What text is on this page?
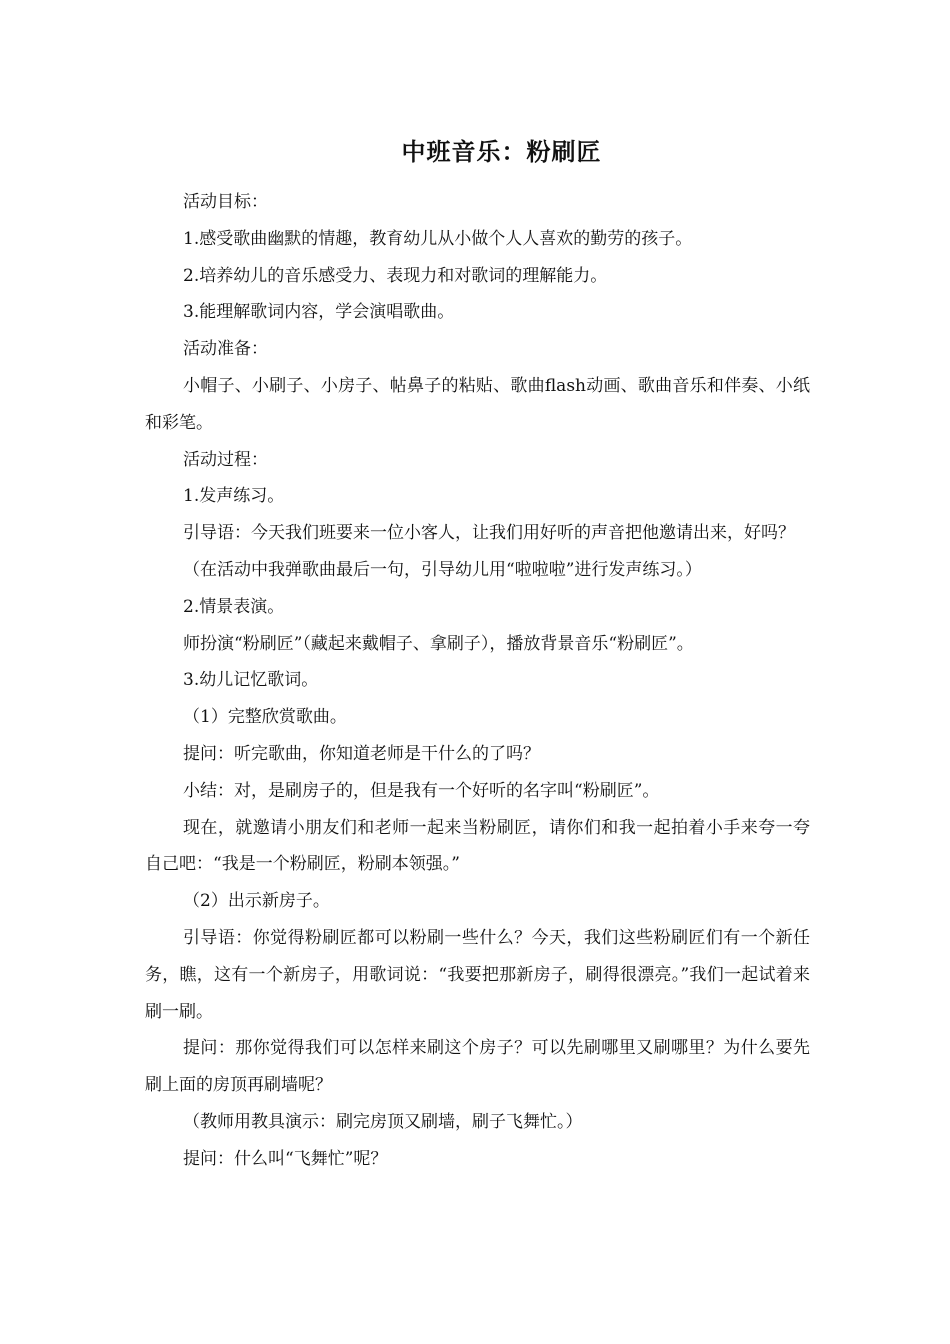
中班音乐：粉刷匠

活动目标：

1.感受歌曲幽默的情趣，教育幼儿从小做个人人喜欢的勤劳的孩子。

2.培养幼儿的音乐感受力、表现力和对歌词的理解能力。

3.能理解歌词内容，学会演唱歌曲。

活动准备：

小帽子、小刷子、小房子、帖鼻子的粘贴、歌曲flash动画、歌曲音乐和伴奏、小纸和彩笔。

活动过程：

1.发声练习。

引导语：今天我们班要来一位小客人，让我们用好听的声音把他邀请出来，好吗？

（在活动中我弹歌曲最后一句，引导幼儿用“啦啦啦”进行发声练习。）

2.情景表演。

师扮演“粉刷匠”（藏起来戴帽子、拿刷子），播放背景音乐“粉刷匠”。

3.幼儿记忆歌词。

（1）完整欣赏歌曲。

提问：听完歌曲，你知道老师是干什么的了吗？

小结：对，是刷房子的，但是我有一个好听的名字叫“粉刷匠”。

现在，就邀请小朋友们和老师一起来当粉刷匠，请你们和我一起拍着小手来夸一夸自己吧：“我是一个粉刷匠，粉刷本领强。”

（2）出示新房子。

引导语：你觉得粉刷匠都可以粉刷一些什么？今天，我们这些粉刷匠们有一个新任务，瞧，这有一个新房子，用歌词说：“我要把那新房子，刷得很漂亮。”我们一起试着来刷一刷。

提问：那你觉得我们可以怎样来刷这个房子？可以先刷哪里又刷哪里？为什么要先刷上面的房顶再刷墙呢？

（教师用教具演示：刷完房顶又刷墙，刷子飞舞忙。）

提问：什么叫“飞舞忙”呢？
